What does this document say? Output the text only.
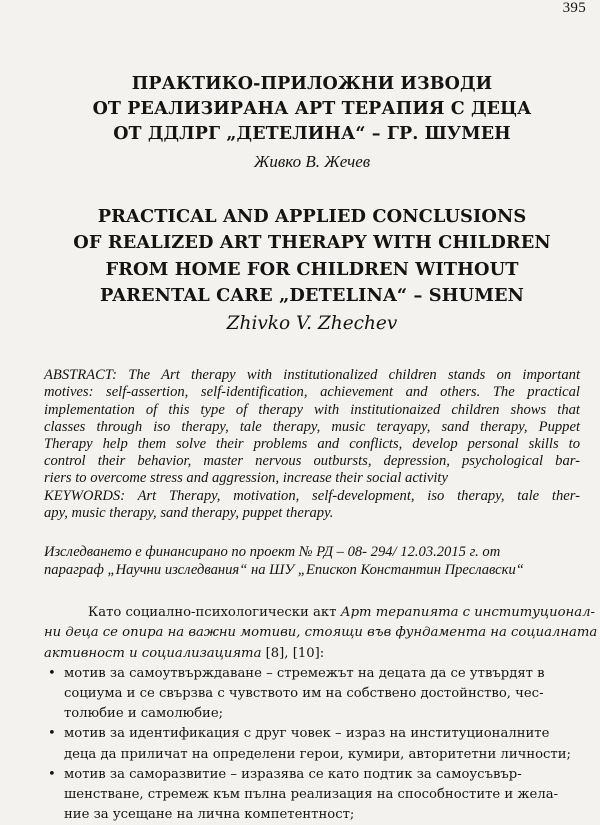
395
ПРАКТИКО-ПРИЛОЖНИ ИЗВОДИ
ОТ РЕАЛИЗИРАНА АРТ ТЕРАПИЯ С ДЕЦА
ОТ ДДЛРГ „ДЕТЕЛИНА“ – ГР. ШУМЕН

Живко В. Жечев

PRACTICAL AND APPLIED CONCLUSIONS
OF REALIZED ART THERAPY WITH CHILDREN
FROM HOME FOR CHILDREN WITHOUT
PARENTAL CARE „DETELINA“ – SHUMEN

Zhivko V. Zhechev

ABSTRACT: The Art therapy with institutionalized children stands on important
motives: self-assertion, self-identification, achievement and others. The practical
implementation of this type of therapy with institutionaized children shows that
classes through iso therapy, tale therapy, music terayapy, sand therapy, Puppet
Therapy help them solve their problems and conflicts, develop personal skills to
control their behavior, master nervous outbursts, depression, psychological bar-
riers to overcome stress and aggression, increase their social activity

KEYWORDS: Art Therapy, motivation, self-development, iso therapy, tale ther-
apy, music therapy, sand therapy, puppet therapy.

Изследването е финансирано по проект № РД – 08- 294/ 12.03.2015 г. от
параграф „Научни изследвания“ на ШУ „Епископ Константин Преславски“
Като социално-психологически акт Арт терапията с институционал-
ни деца се опира на важни мотиви, стоящи във фундамента на социалната
активност и социализацията [8], [10]:
• мотив за самоутвърждаване – стремежът на децата да се утвърдят в
социума и се свързва с чувството им на собствено достойнство, чес-
толюбие и самолюбие;
• мотив за идентификация с друг човек – израз на институционалните
деца да приличат на определени герои, кумири, авторитетни личности;
• мотив за саморазвитие – изразява се като подтик за самоусъвър-
шенстване, стремеж към пълна реализация на способностите и жела-
ние за усещане на лична компетентност;
